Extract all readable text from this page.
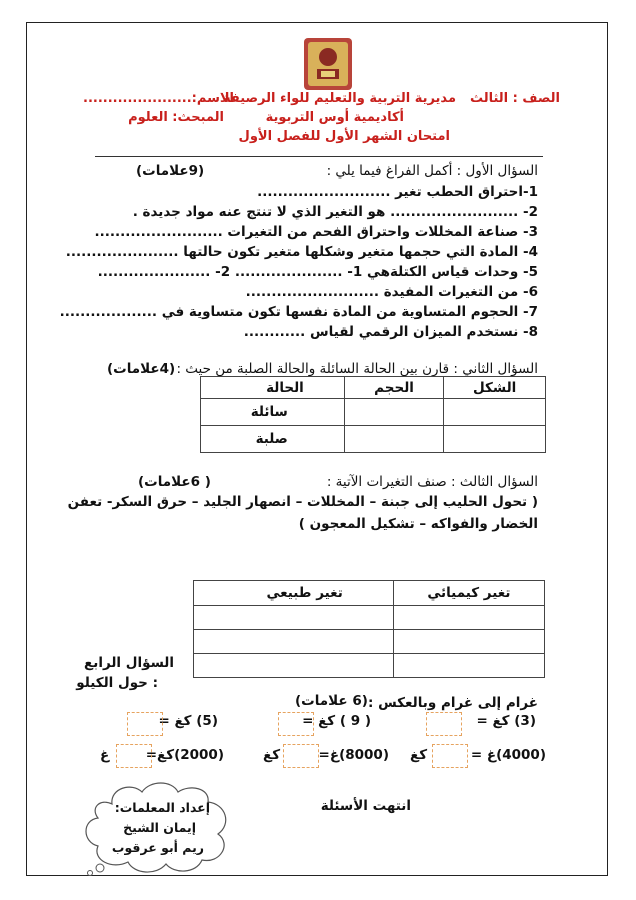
الصف : الثالث
مديرية التربية والتعليم للواء الرصيفة
الاسم:......................
أكاديمية أوس التربوية
المبحث: العلوم
امتحان الشهر الأول للفصل الأول
السؤال الأول : أكمل الفراغ فيما يلي :
(9علامات)
1-احتراق الحطب تغير ..........................
2- ......................... هو التغير الذي لا تنتج عنه مواد جديدة .
3- صناعة المخللات واحتراق الفحم من التغيرات .........................
4- المادة التي حجمها متغير وشكلها متغير تكون حالتها ......................
5- وحدات قياس الكتلةهي 1- ..................... 2- ......................
6- من التغيرات المفيدة ..........................
7- الحجوم المتساوية من المادة نفسها تكون متساوية في ...................
8- نستخدم الميزان الرقمي لقياس ............
السؤال الثاني : قارن بين الحالة السائلة والحالة الصلبة من حيث :
(4علامات)
الشكل	الحجم	الحالة
		سائلة
		صلبة
السؤال الثالث : صنف التغيرات الآتية :
( 6علامات)
( تحول الحليب إلى جبنة – المخللات – انصهار الجليد – حرق السكر- تعفن
الخضار والفواكه – تشكيل المعجون )
تغير كيميائي	تغير طبيعي

السؤال الرابع
: حول الكيلو
غرام إلى غرام وبالعكس :
(6 علامات)
(3) كغ =
( 9 ) كغ =
(5) كغ =
(4000)غ =
كغ
(8000)غ=
كغ
(2000)كغ=
غ
انتهت الأسئلة
إعداد المعلمات:
إيمان الشيخ
ريم أبو عرقوب
